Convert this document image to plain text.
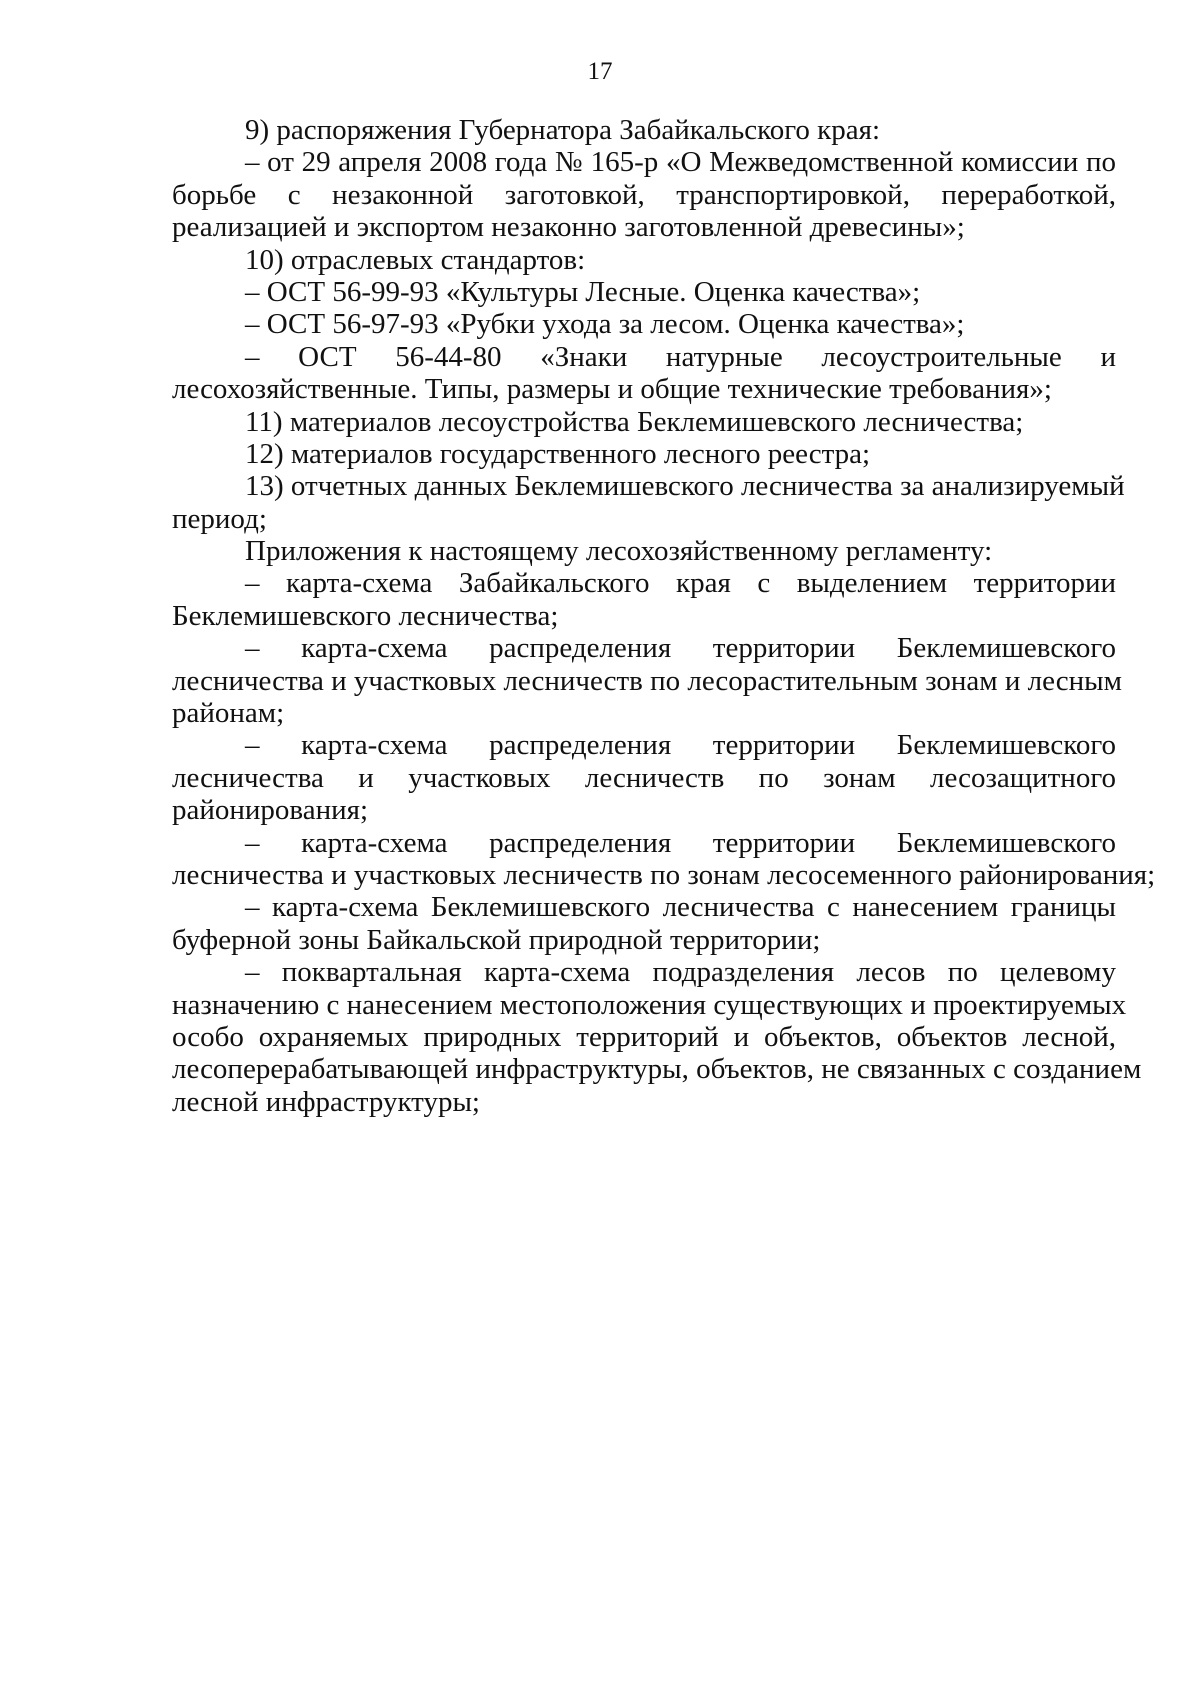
17
9) распоряжения Губернатора Забайкальского края:
– от 29 апреля 2008 года № 165-р «О Межведомственной комиссии по
борьбе с незаконной заготовкой, транспортировкой, переработкой,
реализацией и экспортом незаконно заготовленной древесины»;
10) отраслевых стандартов:
– ОСТ 56-99-93 «Культуры Лесные. Оценка качества»;
– ОСТ 56-97-93 «Рубки ухода за лесом. Оценка качества»;
– ОСТ 56-44-80 «Знаки натурные лесоустроительные и
лесохозяйственные. Типы, размеры и общие технические требования»;
11) материалов лесоустройства Беклемишевского лесничества;
12) материалов государственного лесного реестра;
13) отчетных данных Беклемишевского лесничества за анализируемый
период;
Приложения к настоящему лесохозяйственному регламенту:
– карта-схема Забайкальского края с выделением территории
Беклемишевского лесничества;
– карта-схема распределения территории Беклемишевского
лесничества и участковых лесничеств по лесорастительным зонам и лесным
районам;
– карта-схема распределения территории Беклемишевского
лесничества и участковых лесничеств по зонам лесозащитного
районирования;
– карта-схема распределения территории Беклемишевского
лесничества и участковых лесничеств по зонам лесосеменного районирования;
– карта-схема Беклемишевского лесничества с нанесением границы
буферной зоны Байкальской природной территории;
– поквартальная карта-схема подразделения лесов по целевому
назначению с нанесением местоположения существующих и проектируемых
особо охраняемых природных территорий и объектов, объектов лесной,
лесоперерабатывающей инфраструктуры, объектов, не связанных с созданием
лесной инфраструктуры;
